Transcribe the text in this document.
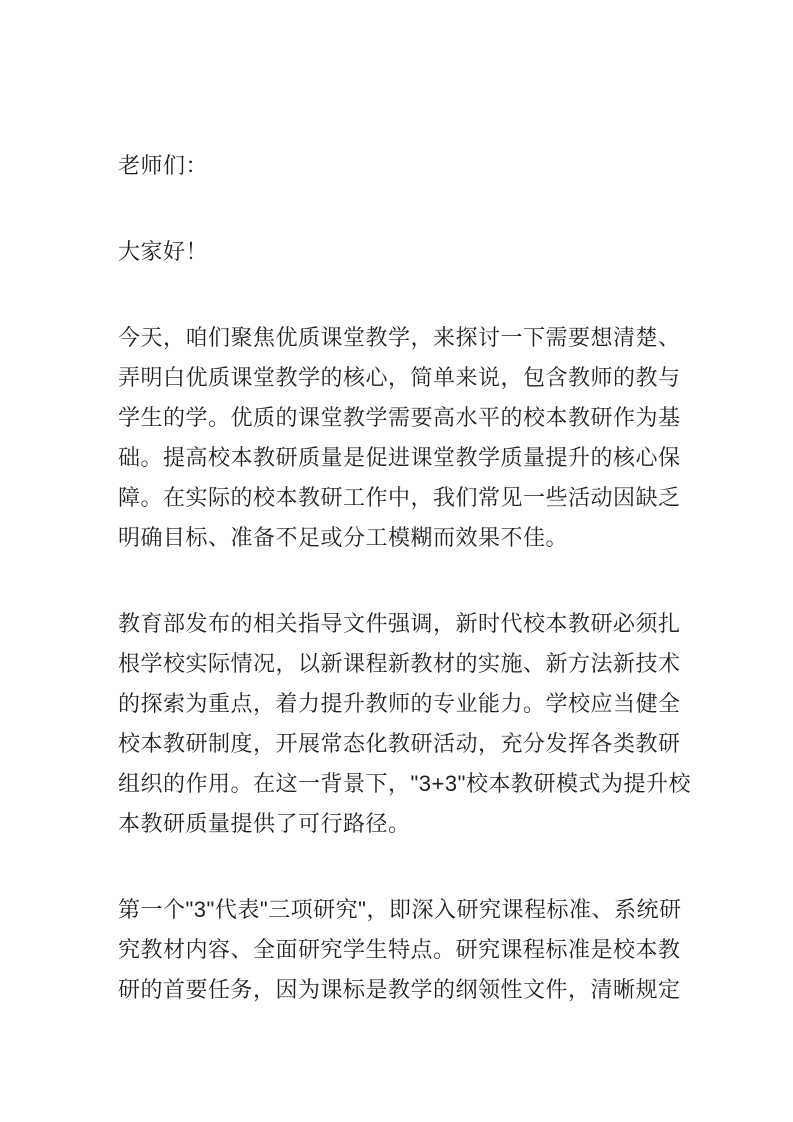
老师们：
大家好！
今天，咱们聚焦优质课堂教学，来探讨一下需要想清楚、
弄明白优质课堂教学的核心，简单来说，包含教师的教与
学生的学。优质的课堂教学需要高水平的校本教研作为基
础。提高校本教研质量是促进课堂教学质量提升的核心保
障。在实际的校本教研工作中，我们常见一些活动因缺乏
明确目标、准备不足或分工模糊而效果不佳。
教育部发布的相关指导文件强调，新时代校本教研必须扎
根学校实际情况，以新课程新教材的实施、新方法新技术
的探索为重点，着力提升教师的专业能力。学校应当健全
校本教研制度，开展常态化教研活动，充分发挥各类教研
组织的作用。在这一背景下，"3+3"校本教研模式为提升校
本教研质量提供了可行路径。
第一个"3"代表"三项研究"，即深入研究课程标准、系统研
究教材内容、全面研究学生特点。研究课程标准是校本教
研的首要任务，因为课标是教学的纲领性文件，清晰规定
